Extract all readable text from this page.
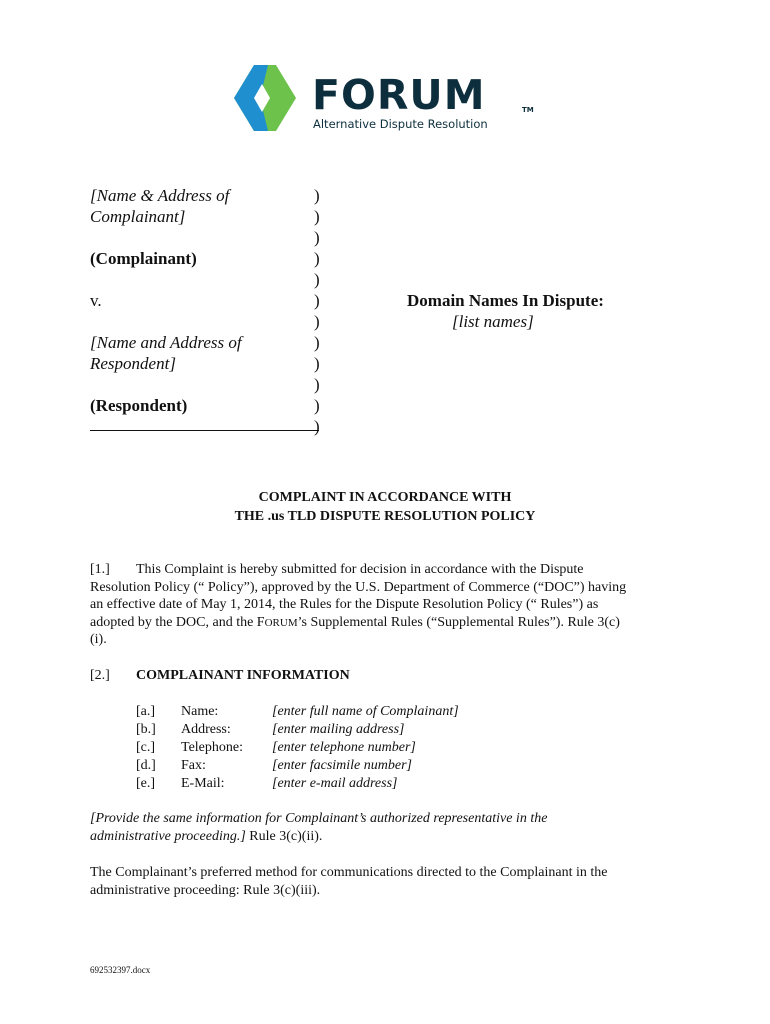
FORUM	TM
Alternative Dispute Resolution
[Name & Address of
Complainant]
(Complainant)
v.
[Name and Address of
Respondent]
(Respondent)
)
)
)
)
)
)
)
)
)
)
)
)
Domain Names In Dispute:
[list names]
COMPLAINT IN ACCORDANCE WITH
THE .us TLD DISPUTE RESOLUTION POLICY
[1.] This Complaint is hereby submitted for decision in accordance with the Dispute
Resolution Policy (“ Policy”), approved by the U.S. Department of Commerce (“DOC”) having
an effective date of May 1, 2014, the Rules for the Dispute Resolution Policy (“ Rules”) as
adopted by the DOC, and the FORUM’s Supplemental Rules (“Supplemental Rules”). Rule 3(c)
(i).
[2.] COMPLAINANT INFORMATION
[a.] Name:	[enter full name of Complainant]
[b.] Address:	[enter mailing address]
[c.] Telephone: [enter telephone number]
[d.] Fax:	[enter facsimile number]
[e.] E-Mail:	[enter e-mail address]
[Provide the same information for Complainant’s authorized representative in the
administrative proceeding.] Rule 3(c)(ii).
The Complainant’s preferred method for communications directed to the Complainant in the
administrative proceeding: Rule 3(c)(iii).
692532397.docx
